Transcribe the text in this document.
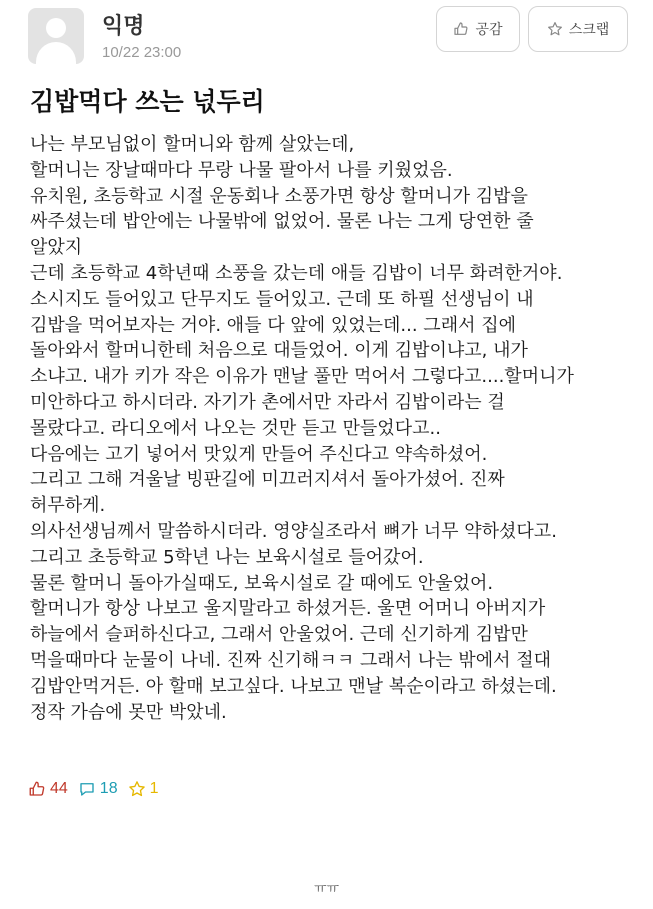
익명
10/22 23:00
공감	스크랩
김밥먹다 쓰는 넋두리
나는 부모님없이 할머니와 함께 살았는데,
할머니는 장날때마다 무랑 나물 팔아서 나를 키웠었음.
유치원, 초등학교 시절 운동회나 소풍가면 항상 할머니가 김밥을
싸주셨는데 밥안에는 나물밖에 없었어. 물론 나는 그게 당연한 줄
알았지
근데 초등학교 4학년때 소풍을 갔는데 애들 김밥이 너무 화려한거야.
소시지도 들어있고 단무지도 들어있고. 근데 또 하필 선생님이 내
김밥을 먹어보자는 거야. 애들 다 앞에 있었는데... 그래서 집에
돌아와서 할머니한테 처음으로 대들었어. 이게 김밥이냐고, 내가
소냐고. 내가 키가 작은 이유가 맨날 풀만 먹어서 그렇다고....할머니가
미안하다고 하시더라. 자기가 촌에서만 자라서 김밥이라는 걸
몰랐다고. 라디오에서 나오는 것만 듣고 만들었다고..
다음에는 고기 넣어서 맛있게 만들어 주신다고 약속하셨어.
그리고 그해 겨울날 빙판길에 미끄러지셔서 돌아가셨어. 진짜
허무하게.
의사선생님께서 말씀하시더라. 영양실조라서 뼈가 너무 약하셨다고.
그리고 초등학교 5학년 나는 보육시설로 들어갔어.
물론 할머니 돌아가실때도, 보육시설로 갈 때에도 안울었어.
할머니가 항상 나보고 울지말라고 하셨거든. 울면 어머니 아버지가
하늘에서 슬퍼하신다고, 그래서 안울었어. 근데 신기하게 김밥만
먹을때마다 눈물이 나네. 진짜 신기해ㅋㅋ 그래서 나는 밖에서 절대
김밥안먹거든. 아 할매 보고싶다. 나보고 맨날 복순이라고 하셨는데.
정작 가슴에 못만 박았네.
44 18 1
ㅠㅠ
